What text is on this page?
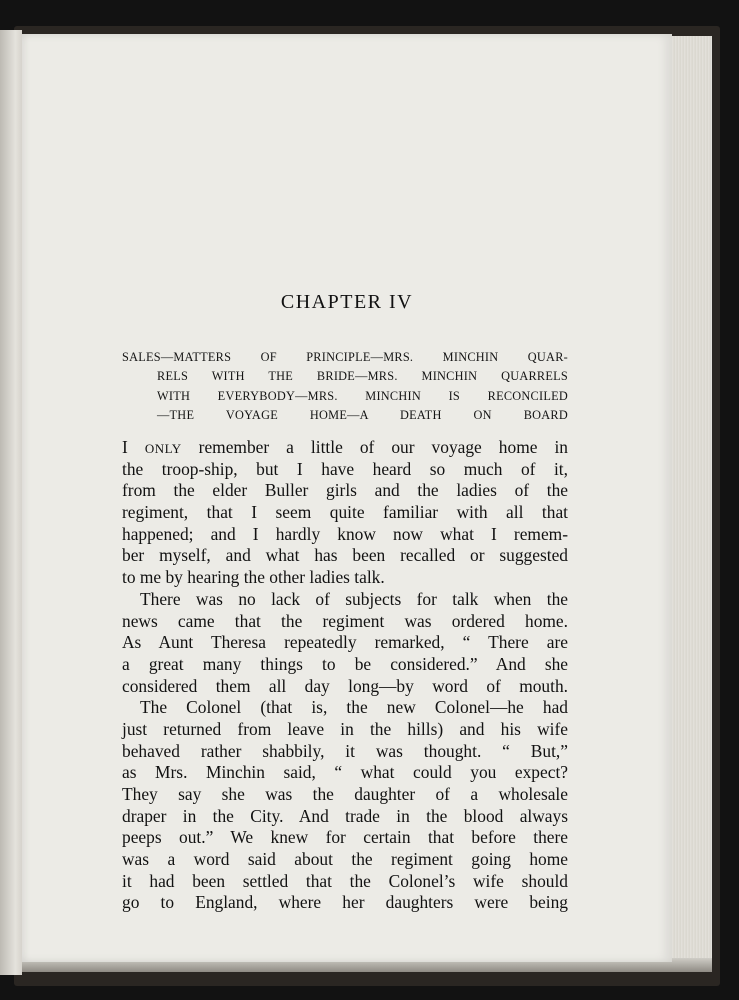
CHAPTER IV
SALES—MATTERS OF PRINCIPLE—MRS. MINCHIN QUAR-
RELS WITH THE BRIDE—MRS. MINCHIN QUARRELS
WITH EVERYBODY—MRS. MINCHIN IS RECONCILED
—THE VOYAGE HOME—A DEATH ON BOARD
I ONLY remember a little of our voyage home in
the troop-ship, but I have heard so much of it,
from the elder Buller girls and the ladies of the
regiment, that I seem quite familiar with all that
happened; and I hardly know now what I remem-
ber myself, and what has been recalled or suggested
to me by hearing the other ladies talk.
There was no lack of subjects for talk when the
news came that the regiment was ordered home.
As Aunt Theresa repeatedly remarked, “ There are
a great many things to be considered.” And she
considered them all day long—by word of mouth.
The Colonel (that is, the new Colonel—he had
just returned from leave in the hills) and his wife
behaved rather shabbily, it was thought. “ But,”
as Mrs. Minchin said, “ what could you expect?
They say she was the daughter of a wholesale
draper in the City. And trade in the blood always
peeps out.” We knew for certain that before there
was a word said about the regiment going home
it had been settled that the Colonel’s wife should
go to England, where her daughters were being
